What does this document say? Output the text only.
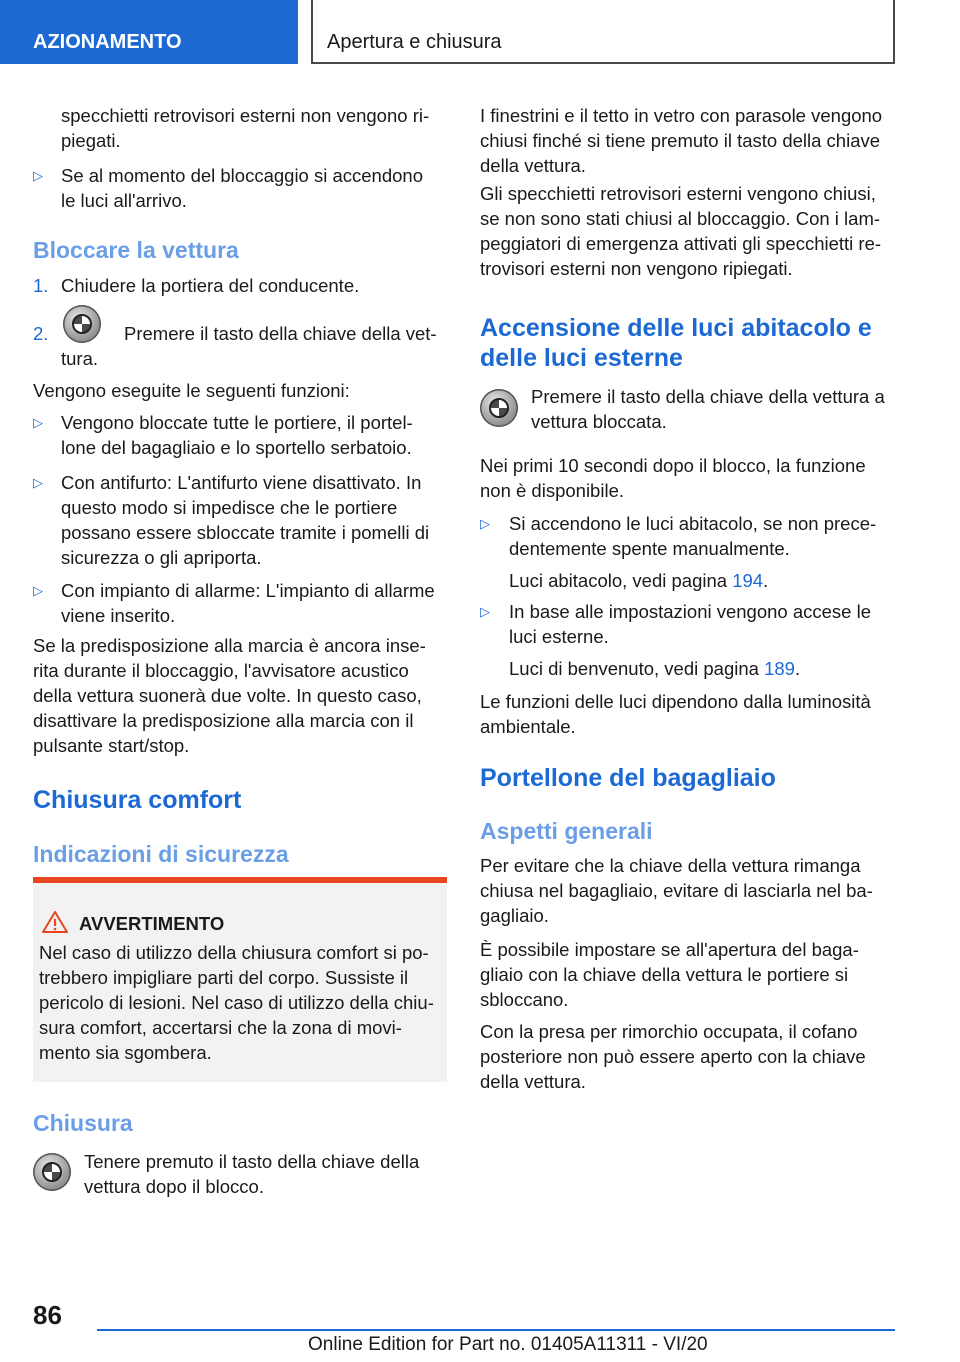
AZIONAMENTO	Apertura e chiusura
specchietti retrovisori esterni non vengono ri-
piegati.
▷ Se al momento del bloccaggio si accendono
le luci all'arrivo.
Bloccare la vettura
1. Chiudere la portiera del conducente.
2.	Premere il tasto della chiave della vet-
tura.
Vengono eseguite le seguenti funzioni:
▷ Vengono bloccate tutte le portiere, il portel-
lone del bagagliaio e lo sportello serbatoio.
▷ Con antifurto: L'antifurto viene disattivato. In
questo modo si impedisce che le portiere
possano essere sbloccate tramite i pomelli di
sicurezza o gli apriporta.
▷ Con impianto di allarme: L'impianto di allarme
viene inserito.
Se la predisposizione alla marcia è ancora inse-
rita durante il bloccaggio, l'avvisatore acustico
della vettura suonerà due volte. In questo caso,
disattivare la predisposizione alla marcia con il
pulsante start/stop.
Chiusura comfort
Indicazioni di sicurezza
AVVERTIMENTO
Nel caso di utilizzo della chiusura comfort si po-
trebbero impigliare parti del corpo. Sussiste il
pericolo di lesioni. Nel caso di utilizzo della chiu-
sura comfort, accertarsi che la zona di movi-
mento sia sgombera.
Chiusura
Tenere premuto il tasto della chiave della
vettura dopo il blocco.
I finestrini e il tetto in vetro con parasole vengono
chiusi finché si tiene premuto il tasto della chiave
della vettura.
Gli specchietti retrovisori esterni vengono chiusi,
se non sono stati chiusi al bloccaggio. Con i lam-
peggiatori di emergenza attivati gli specchietti re-
trovisori esterni non vengono ripiegati.
Accensione delle luci abitacolo e
delle luci esterne
Premere il tasto della chiave della vettura a
vettura bloccata.
Nei primi 10 secondi dopo il blocco, la funzione
non è disponibile.
▷ Si accendono le luci abitacolo, se non prece-
dentemente spente manualmente.
Luci abitacolo, vedi pagina 194.
▷ In base alle impostazioni vengono accese le
luci esterne.
Luci di benvenuto, vedi pagina 189.
Le funzioni delle luci dipendono dalla luminosità
ambientale.
Portellone del bagagliaio
Aspetti generali
Per evitare che la chiave della vettura rimanga
chiusa nel bagagliaio, evitare di lasciarla nel ba-
gagliaio.
È possibile impostare se all'apertura del baga-
gliaio con la chiave della vettura le portiere si
sbloccano.
Con la presa per rimorchio occupata, il cofano
posteriore non può essere aperto con la chiave
della vettura.
86
Online Edition for Part no. 01405A11311 - VI/20
